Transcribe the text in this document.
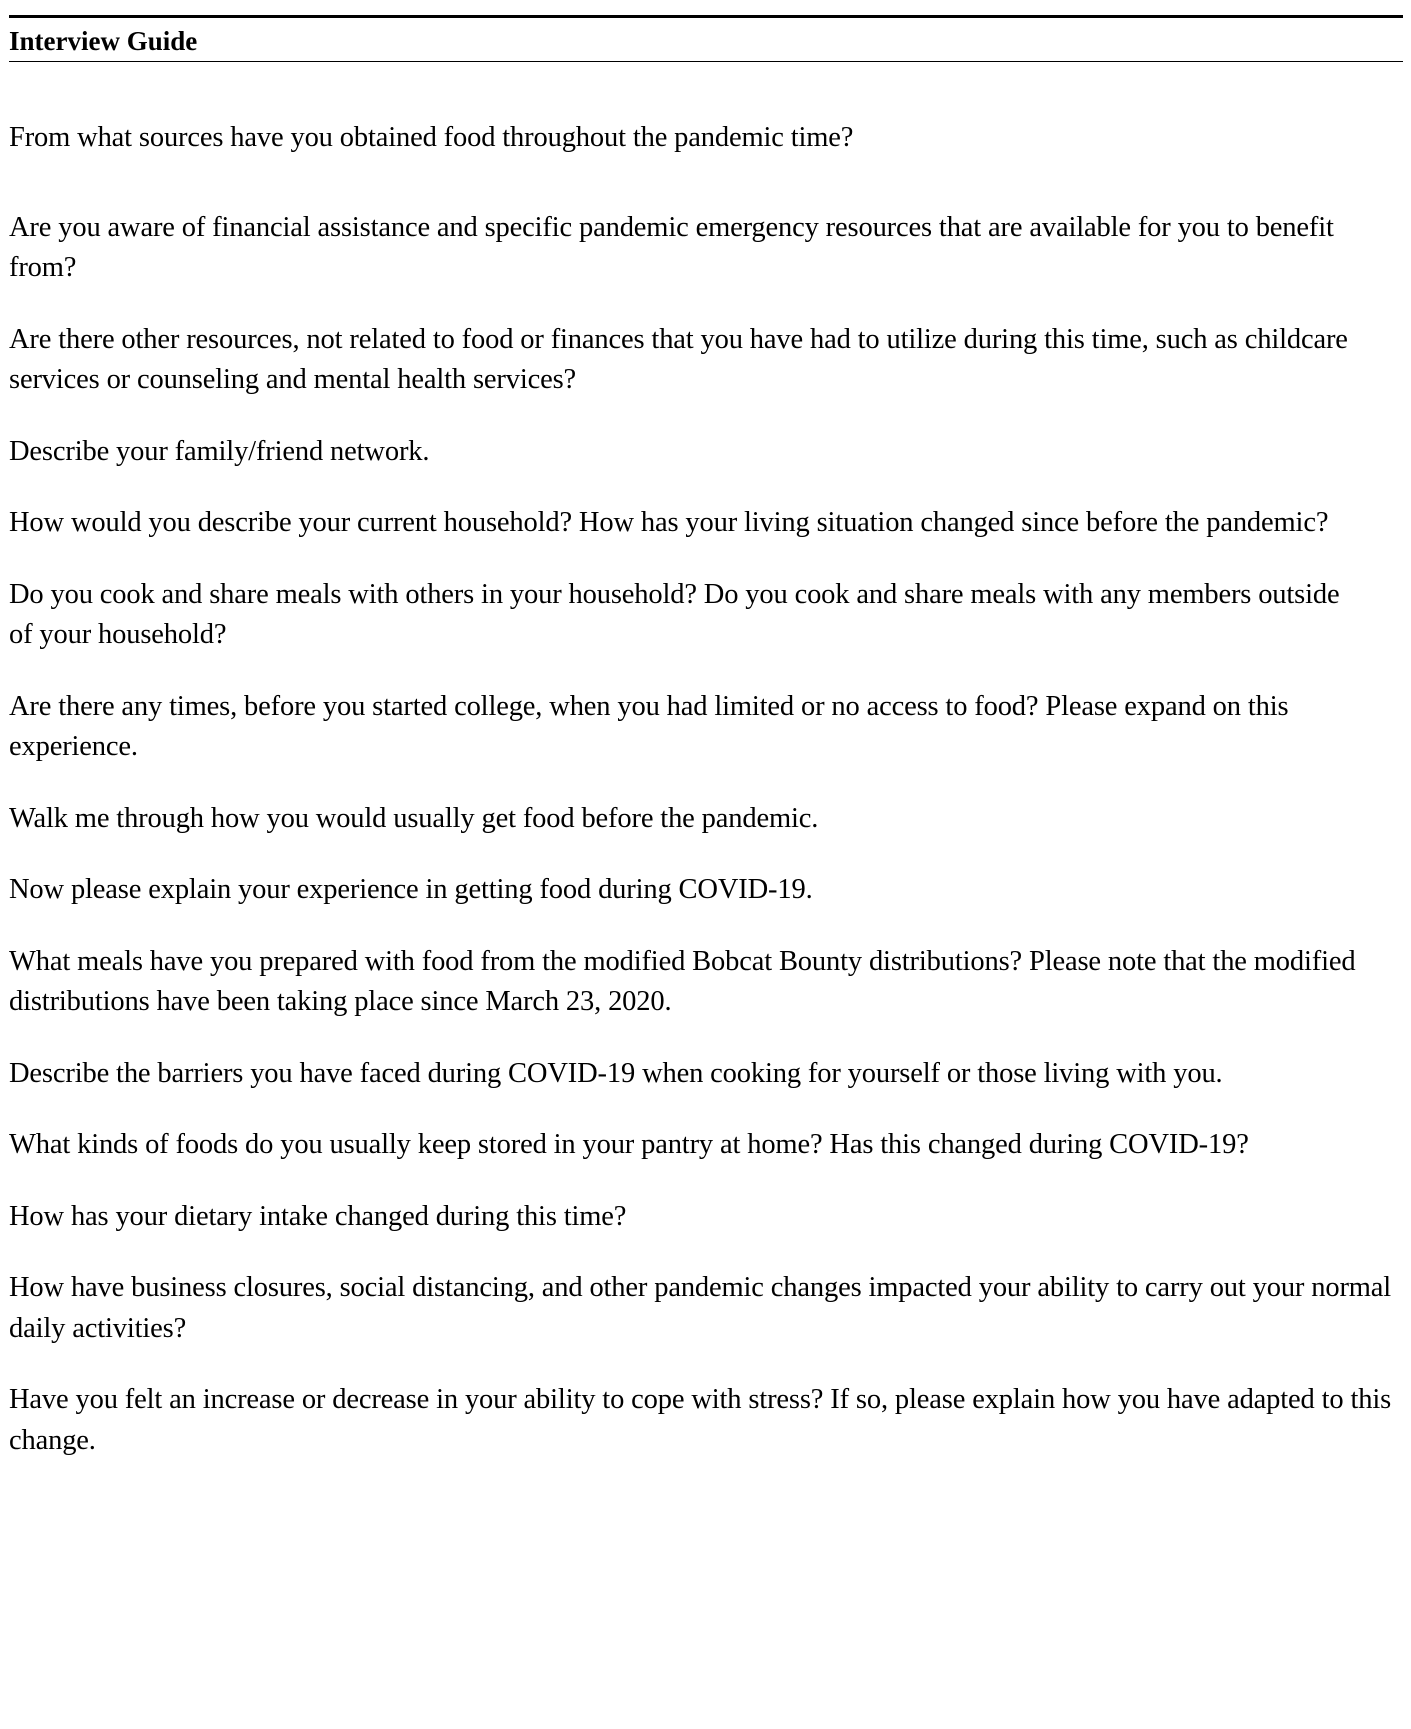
Interview Guide

From what sources have you obtained food throughout the pandemic time?

Are you aware of financial assistance and specific pandemic emergency resources that are available for you to benefit from?

Are there other resources, not related to food or finances that you have had to utilize during this time, such as childcare services or counseling and mental health services?

Describe your family/friend network.

How would you describe your current household? How has your living situation changed since before the pandemic?

Do you cook and share meals with others in your household? Do you cook and share meals with any members outside of your household?

Are there any times, before you started college, when you had limited or no access to food? Please expand on this experience.

Walk me through how you would usually get food before the pandemic.

Now please explain your experience in getting food during COVID-19.

What meals have you prepared with food from the modified Bobcat Bounty distributions? Please note that the modified distributions have been taking place since March 23, 2020.

Describe the barriers you have faced during COVID-19 when cooking for yourself or those living with you.

What kinds of foods do you usually keep stored in your pantry at home? Has this changed during COVID-19?

How has your dietary intake changed during this time?

How have business closures, social distancing, and other pandemic changes impacted your ability to carry out your normal daily activities?

Have you felt an increase or decrease in your ability to cope with stress? If so, please explain how you have adapted to this change.
